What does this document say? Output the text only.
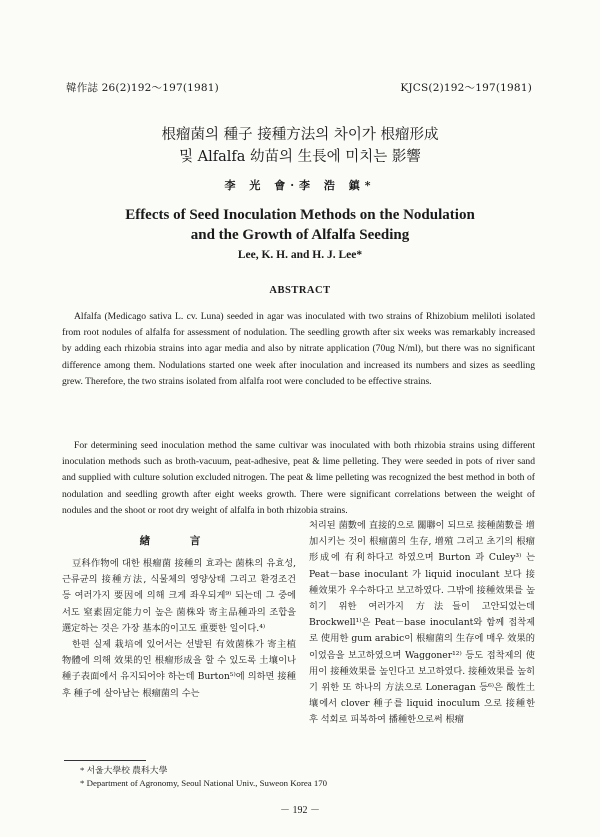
韓作誌 26(2)192～197(1981)	KJCS(2)192～197(1981)
根瘤菌의 種子 接種方法의 차이가 根瘤形成
및 Alfalfa 幼苗의 生長에 미치는 影響
李 光 會·李 浩 鎮*
Effects of Seed Inoculation Methods on the Nodulation
and the Growth of Alfalfa Seeding
Lee, K. H. and H. J. Lee*
ABSTRACT
Alfalfa (Medicago sativa L. cv. Luna) seeded in agar was inoculated with two strains of Rhizobium meliloti isolated from root nodules of alfalfa for assessment of nodulation. The seedling growth after six weeks was remarkably increased by adding each rhizobia strains into agar media and also by nitrate application (70ug N/ml), but there was no significant difference among them. Nodulations started one week after inoculation and increased its numbers and sizes as seedling grew. Therefore, the two strains isolated from alfalfa root were concluded to be effective strains.
For determining seed inoculation method the same cultivar was inoculated with both rhizobia strains using different inoculation methods such as broth-vacuum, peat-adhesive, peat & lime pelleting. They were seeded in pots of river sand and supplied with culture solution excluded nitrogen. The peat & lime pelleting was recognized the best method in both of nodulation and seedling growth after eight weeks growth. There were significant correlations between the weight of nodules and the shoot or root dry weight of alfalfa in both rhizobia strains.
緖 言

豆科作物에 대한 根瘤菌 接種의 효과는 菌株의 유효성, 근류균의 接種方法, 식물체의 영양상태 그리고 환경조건 등 여러가지 要因에 의해 크게 좌우되게⁹⁾ 되는데 그 중에서도 窒素固定能力이 높은 菌株와 寄主品種과의 조합을 選定하는 것은 가장 基本的이고도 重要한 일이다.⁴⁾

한편 실제 栽培에 있어서는 선발된 有效菌株가 寄主植物體에 의해 效果的인 根瘤形成을 할 수 있도록 土壤이나 種子表面에서 유지되어야 하는데 Burton⁵⁾에 의하면 接種 후 種子에 살아남는 根瘤菌의 수는

처리된 菌數에 直接的으로 關聯이 되므로 接種菌數를 增加시키는 것이 根瘤菌의 生存, 增殖 그리고 초기의 根瘤形成에 有利하다고 하였으며 Burton 과 Culey³⁾ 는 Peat－base inoculant 가 liquid inoculant 보다 接種效果가 우수하다고 보고하였다. 그밖에 接種效果를 높히기 위한 여러가지 方法들이 고안되었는데 Brockwell¹⁾은 Peat－base inoculant와 함께 접착제로 使用한 gum arabic이 根瘤菌의 生存에 매우 效果的이었음을 보고하였으며 Waggoner¹²⁾ 등도 접착제의 使用이 接種效果를 높인다고 보고하였다. 接種效果를 높히기 위한 또 하나의 方法으로 Loneragan 등⁶⁾은 酸性土壤에서 clover 種子를 liquid inoculum 으로 接種한 후 석회로 피복하여 播種한으로써 根瘤

* 서울大學校 農科大學
* Department of Agronomy, Seoul National Univ., Suweon Korea 170
－ 192 －
